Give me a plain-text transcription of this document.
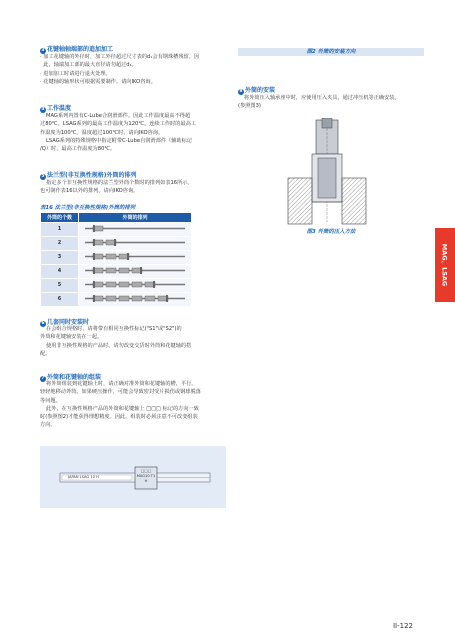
3 花键轴轴端部的追加加工
· 加工花键轴的外径时，加工外径超过尺寸表的d₁会有钢珠槽残留。因
此，轴端加工部的最大直径请勿超过d₁。
· 进加加工时请进行退火处理。
· 花键轴的轴形状可根据需要制作。请向IKO咨询。
4 工作温度
MAG系列内置有C-Lube合润滑部件。因此工作温度最高不得超
过80℃。LSAG系列的最高工作温度为120℃。连续工作时的最高工
作温度为100℃。温度超过100℃时，请向IKO咨询。
LSAG系列的特殊规格中指定附带C-Lube自润滑部件（辅助标记
/Q）时，最高工作温度为80℃。
5 法兰型(非互换性规格)外筒的排列
指定多个非互换性规格的法兰型外筒个数时的排列如表16所示。
也可制作表16以外的排列。请向IKO咨询。
表16 法兰型(非互换性规格)外筒的排列
外筒的个数	外筒的排列
1	
2	
3	
4	
5	
6	
6 几套同时安装时
在会组合规格时，请将带有相同互换性标记("S1"或"S2")的
外筒和花键轴安装在一起。
使用非互换性规格的产品时，请勿改变交货时外筒和花键轴的搭
配。
7 外筒和花键轴的组装
将外筒组装到花键轴上时，请正确对准外筒和花键轴的槽，平行、
轻轻地移动外筒。如果硬压操作，可能会导致密封受片损伤或钢球脱落
等问题。
此外，在互换性规格产品的外筒和花键轴上 □□□ 标记的方向一致
时(参照图2)才能获得理想精度。因此，组装时必须注意不可改变组装
方向。
JAPAN LSAG 10 H
□□□ MAG10 T1 H
图2 外筒的安装方向
8 外筒的安装
将外筒压入轴承座中时，应使用压入夹具，通过冲压机等正确安装。
(参照图3)
图3 外筒的压入方法
MAG、LSAG
II-122
